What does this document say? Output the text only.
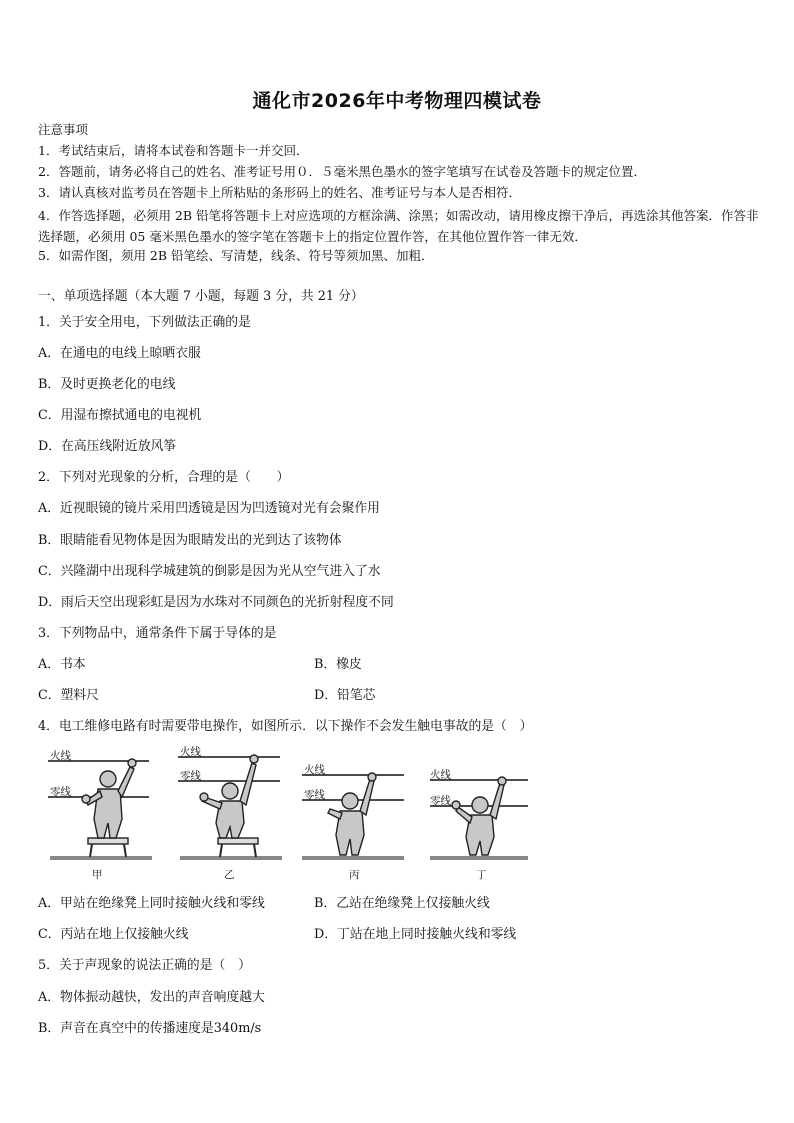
通化市2026年中考物理四模试卷
注意事项
1．考试结束后，请将本试卷和答题卡一并交回．
2．答题前，请务必将自己的姓名、准考证号用０．５毫米黑色墨水的签字笔填写在试卷及答题卡的规定位置．
3．请认真核对监考员在答题卡上所粘贴的条形码上的姓名、准考证号与本人是否相符．
4．作答选择题，必须用 2B 铅笔将答题卡上对应选项的方框涂满、涂黑；如需改动，请用橡皮擦干净后，再选涂其他答案．作答非选择题，必须用 05 毫米黑色墨水的签字笔在答题卡上的指定位置作答，在其他位置作答一律无效．
5．如需作图，须用 2B 铅笔绘、写清楚，线条、符号等须加黑、加粗．
一、单项选择题（本大题 7 小题，每题 3 分，共 21 分）
1．关于安全用电，下列做法正确的是
A．在通电的电线上晾晒衣服
B．及时更换老化的电线
C．用湿布擦拭通电的电视机
D．在高压线附近放风筝
2．下列对光现象的分析，合理的是（　　）
A．近视眼镜的镜片采用凹透镜是因为凹透镜对光有会聚作用
B．眼睛能看见物体是因为眼睛发出的光到达了该物体
C．兴隆湖中出现科学城建筑的倒影是因为光从空气进入了水
D．雨后天空出现彩虹是因为水珠对不同颜色的光折射程度不同
3．下列物品中，通常条件下属于导体的是
A．书本	B．橡皮
C．塑料尺	D．铅笔芯
4．电工维修电路有时需要带电操作，如图所示．以下操作不会发生触电事故的是（　）
火线
零线
火线
零线	火线
零线
火线
零线
甲	乙	丙	丁
A．甲站在绝缘凳上同时接触火线和零线	B．乙站在绝缘凳上仅接触火线
C．丙站在地上仅接触火线	D．丁站在地上同时接触火线和零线
5．关于声现象的说法正确的是（　）
A．物体振动越快，发出的声音响度越大
B．声音在真空中的传播速度是340m/s
